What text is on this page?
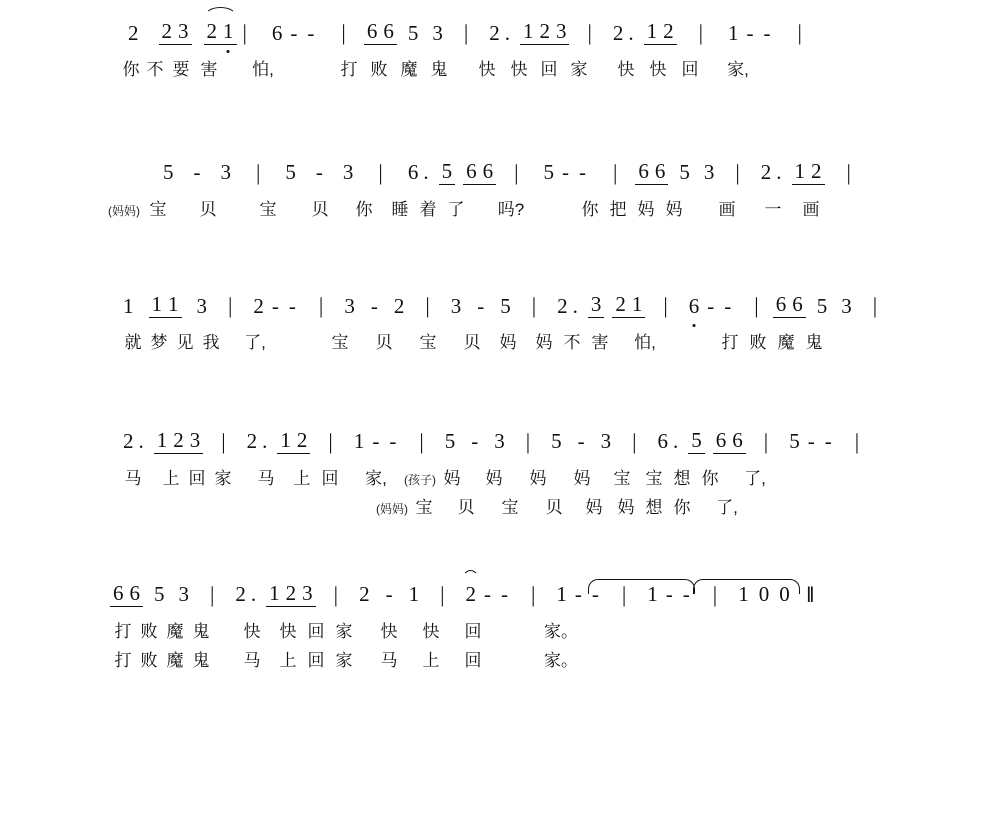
2	2 3 2 1 | 6 - - | 6 6 5 3 | 2 . 1 2 3 | 2 . 1 2 | 1 - - |
你 不 要 害	怕,	打 败 魔 鬼	快 快 回 家	快 快 回	家,
5 - 3 | 5 - 3 | 6 . 5 6 6 | 5 - - | 6 6 5 3 | 2 . 1 2 |
(妈妈) 宝	贝	宝	贝	你	睡 着 了	吗?	你 把 妈 妈	画	一	画
1 1 1 3 | 2 - - | 3 - 2 | 3 - 5 | 2 . 3 2 1 | 6 - - | 6 6 5 3 |
就 梦 见 我 了,	宝	贝	宝	贝	妈	妈 不 害	怕,	打 败 魔 鬼
2 . 1 2 3 | 2 . 1 2 | 1 - - | 5 - 3 | 5 - 3 | 6 . 5 6 6 | 5 - - |
马 上 回 家	马	上 回	家,	(孩子) 妈	妈	妈	妈	宝 宝 想 你	了,
(妈妈) 宝	贝	宝	贝	妈 妈 想 你	了,
6 6 5 3 | 2 . 1 2 3 | 2 - 1 | 2 - - | 1 - - | 1 - - | 1 0 0 ‖
打 败 魔 鬼	快	快 回 家	快	快	回	家。
打 败 魔 鬼	马	上 回 家	马	上	回	家。
